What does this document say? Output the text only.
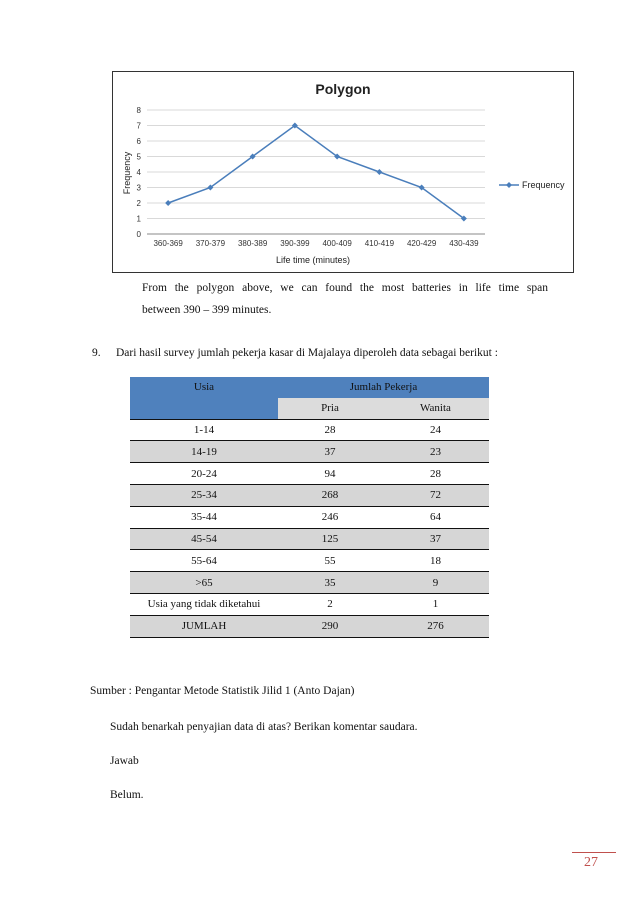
Polygon
0
1
2
3
4
5
6
7
8
360-369 370-379 380-389 390-399 400-409 410-419 420-429 430-439
Frequency
Life time (minutes)
Frequency
From the polygon above, we can found the most batteries in life time span
between 390 – 399 minutes.
9. Dari hasil survey jumlah pekerja kasar di Majalaya diperoleh data sebagai berikut :
Usia	Jumlah Pekerja	
	Pria	Wanita
1-14	28	24
14-19	37	23
20-24	94	28
25-34	268	72
35-44	246	64
45-54	125	37
55-64	55	18
>65	35	9
Usia yang tidak diketahui	2	1
JUMLAH	290	276
Sumber : Pengantar Metode Statistik Jilid 1 (Anto Dajan)
Sudah benarkah penyajian data di atas? Berikan komentar saudara.
Jawab
Belum.
27
